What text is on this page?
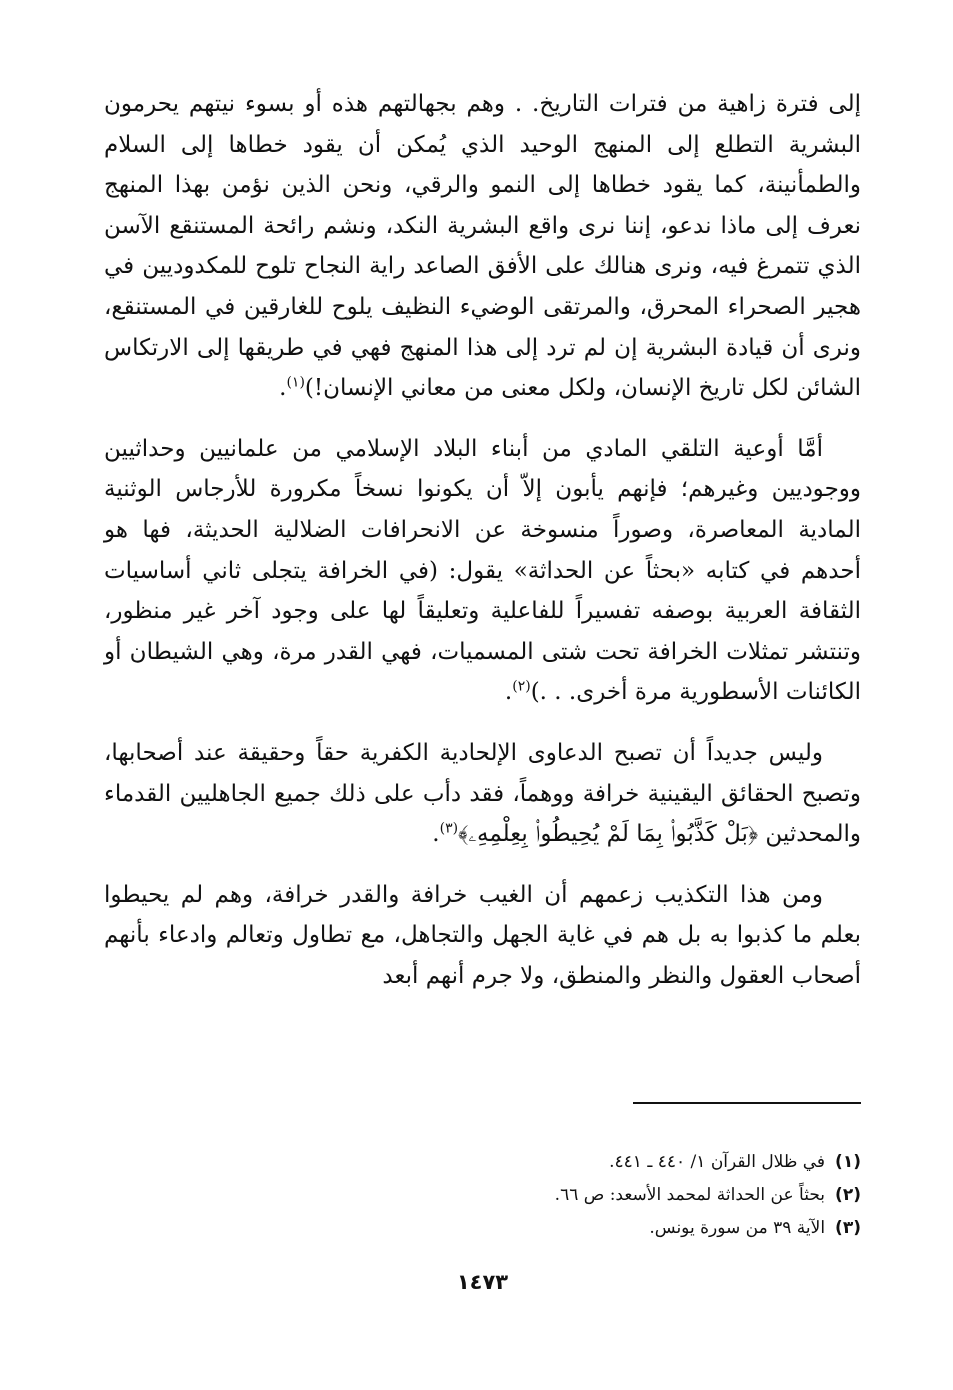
إلى فترة زاهية من فترات التاريخ. . وهم بجهالتهم هذه أو بسوء نيتهم يحرمون البشرية التطلع إلى المنهج الوحيد الذي يُمكن أن يقود خطاها إلى السلام والطمأنينة، كما يقود خطاها إلى النمو والرقي، ونحن الذين نؤمن بهذا المنهج نعرف إلى ماذا ندعو، إننا نرى واقع البشرية النكد، ونشم رائحة المستنقع الآسن الذي تتمرغ فيه، ونرى هنالك على الأفق الصاعد راية النجاح تلوح للمكدوديين في هجير الصحراء المحرق، والمرتقى الوضيء النظيف يلوح للغارقين في المستنقع، ونرى أن قيادة البشرية إن لم ترد إلى هذا المنهج فهي في طريقها إلى الارتكاس الشائن لكل تاريخ الإنسان، ولكل معنى من معاني الإنسان!)$^{(١)}$.

أمَّا أوعية التلقي المادي من أبناء البلاد الإسلامي من علمانيين وحداثيين ووجوديين وغيرهم؛ فإنهم يأبون إلاّ أن يكونوا نسخاً مكرورة للأرجاس الوثنية المادية المعاصرة، وصوراً منسوخة عن الانحرافات الضلالية الحديثة، فها هو أحدهم في كتابه «بحثاً عن الحداثة» يقول: (في الخرافة يتجلى ثاني أساسيات الثقافة العربية بوصفه تفسيراً للفاعلية وتعليقاً لها على وجود آخر غير منظور، وتنتشر تمثلات الخرافة تحت شتى المسميات، فهي القدر مرة، وهي الشيطان أو الكائنات الأسطورية مرة أخرى. . .)$^{(٢)}$.

وليس جديداً أن تصبح الدعاوى الإلحادية الكفرية حقاً وحقيقة عند أصحابها، وتصبح الحقائق اليقينية خرافة ووهماً، فقد دأب على ذلك جميع الجاهليين القدماء والمحدثين ﴿بَلْ كَذَّبُوا۟ بِمَا لَمْ يُحِيطُوا۟ بِعِلْمِهِۦ﴾$^{(٣)}$.

ومن هذا التكذيب زعمهم أن الغيب خرافة والقدر خرافة، وهم لم يحيطوا بعلم ما كذبوا به بل هم في غاية الجهل والتجاهل، مع تطاول وتعالم وادعاء بأنهم أصحاب العقول والنظر والمنطق، ولا جرم أنهم أبعد

(١)
في ظلال القرآن ١/ ٤٤٠ ـ ٤٤١.
(٢)
بحثاً عن الحداثة لمحمد الأسعد: ص ٦٦.
(٣)
الآية ٣٩ من سورة يونس.
١٤٧٣
